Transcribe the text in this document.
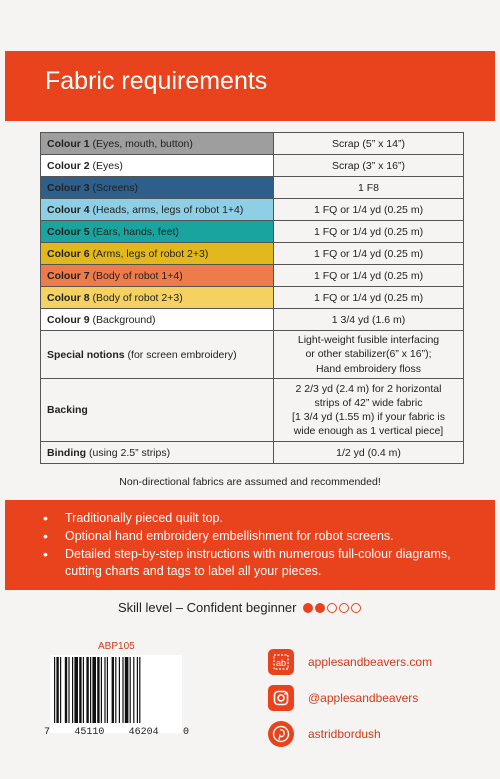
Fabric requirements
Colour 1 (Eyes, mouth, button)	Scrap (5” x 14”)
Colour 2 (Eyes)	Scrap (3” x 16”)
Colour 3 (Screens)	1 F8
Colour 4 (Heads, arms, legs of robot 1+4)	1 FQ or 1/4 yd (0.25 m)
Colour 5 (Ears, hands, feet)	1 FQ or 1/4 yd (0.25 m)
Colour 6 (Arms, legs of robot 2+3)	1 FQ or 1/4 yd (0.25 m)
Colour 7 (Body of robot 1+4)	1 FQ or 1/4 yd (0.25 m)
Colour 8 (Body of robot 2+3)	1 FQ or 1/4 yd (0.25 m)
Colour 9 (Background)	1 3/4 yd (1.6 m)
Special notions (for screen embroidery)	Light-weight fusible interfacing
or other stabilizer(6” x 16”);
Hand embroidery floss

Backing	2 2/3 yd (2.4 m) for 2 horizontal
strips of 42” wide fabric
[1 3/4 yd (1.55 m) if your fabric is
wide enough as 1 vertical piece]

Binding (using 2.5” strips)	1/2 yd (0.4 m)
Non-directional fabrics are assumed and recommended!
• Traditionally pieced quilt top.
• Optional hand embroidery embellishment for robot screens.
• Detailed step-by-step instructions with numerous full-colour diagrams, cutting charts and tags to label all your pieces.
Skill level – Confident beginner
ABP105
7 45110 46204 0
ab applesandbeavers.com
@applesandbeavers
astridbordush
